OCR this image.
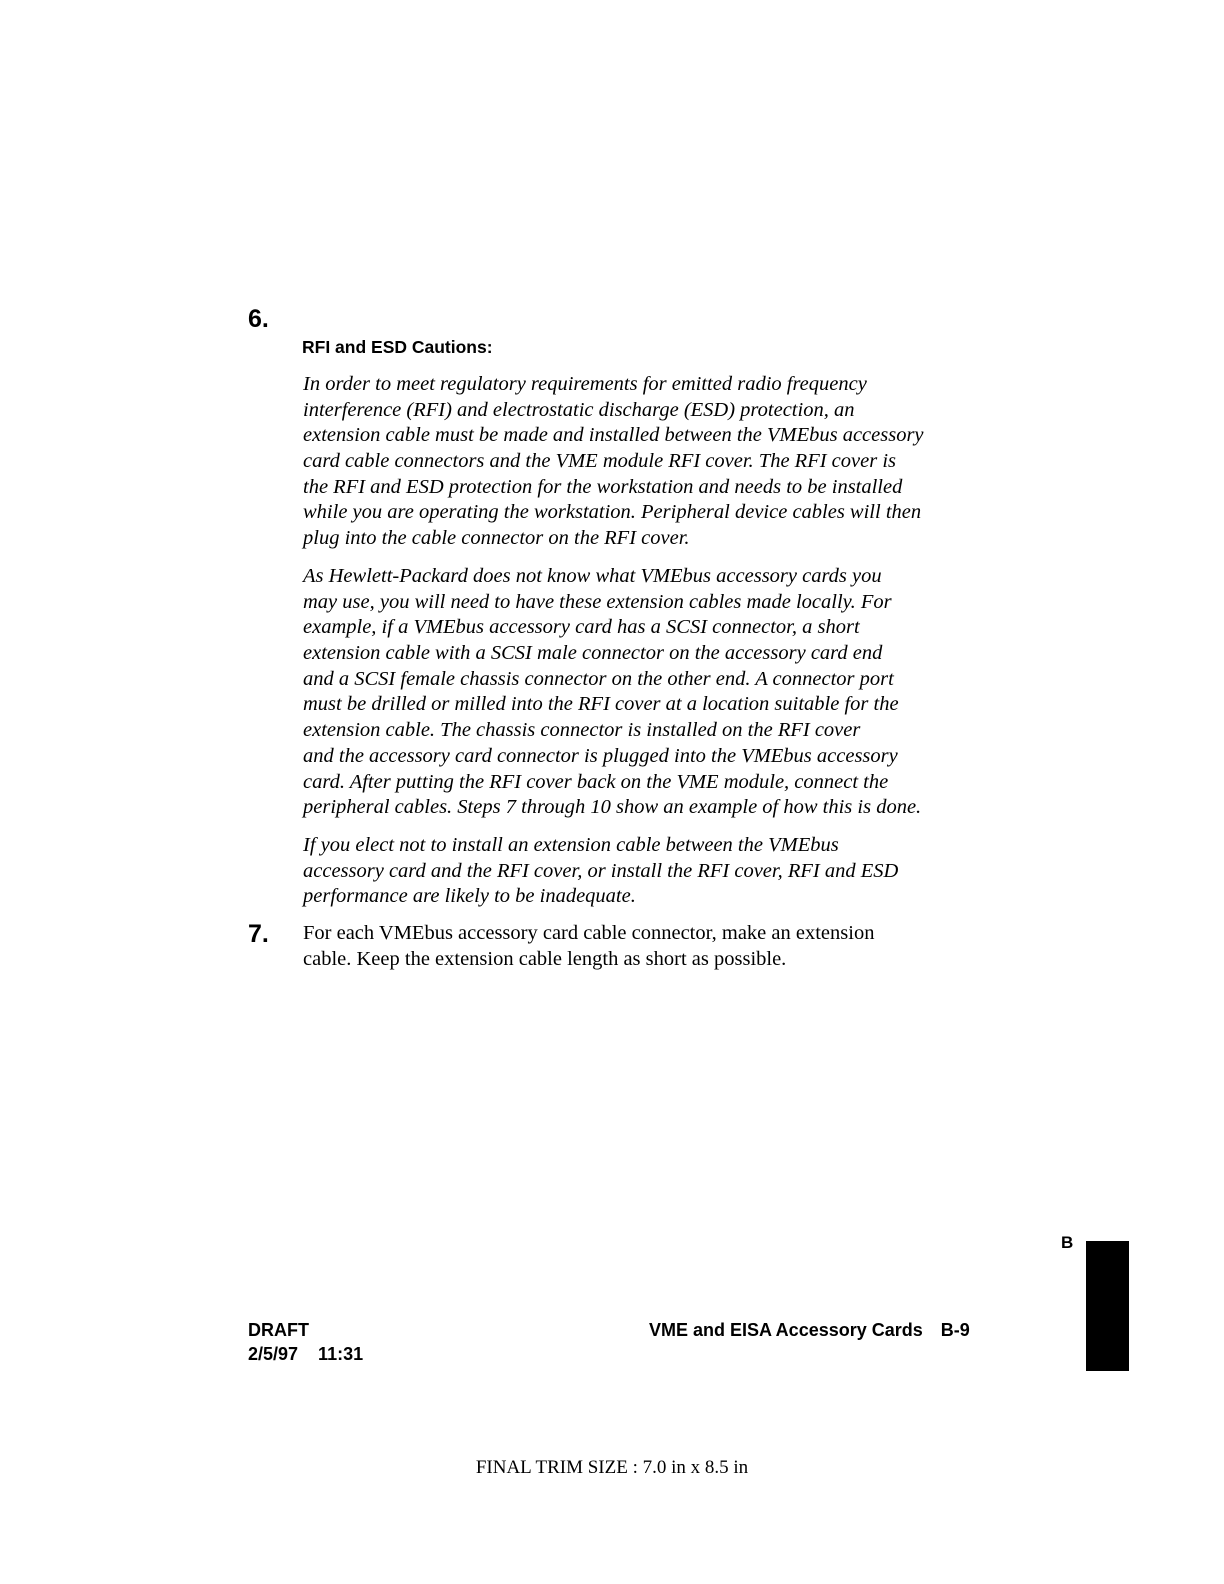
6.
RFI and ESD Cautions:
In order to meet regulatory requirements for emitted radio frequency
interference (RFI) and electrostatic discharge (ESD) protection, an
extension cable must be made and installed between the VMEbus accessory
card cable connectors and the VME module RFI cover. The RFI cover is
the RFI and ESD protection for the workstation and needs to be installed
while you are operating the workstation. Peripheral device cables will then
plug into the cable connector on the RFI cover.
As Hewlett-Packard does not know what VMEbus accessory cards you
may use, you will need to have these extension cables made locally. For
example, if a VMEbus accessory card has a SCSI connector, a short
extension cable with a SCSI male connector on the accessory card end
and a SCSI female chassis connector on the other end. A connector port
must be drilled or milled into the RFI cover at a location suitable for the
extension cable. The chassis connector is installed on the RFI cover
and the accessory card connector is plugged into the VMEbus accessory
card. After putting the RFI cover back on the VME module, connect the
peripheral cables. Steps 7 through 10 show an example of how this is done.
If you elect not to install an extension cable between the VMEbus
accessory card and the RFI cover, or install the RFI cover, RFI and ESD
performance are likely to be inadequate.
7. For each VMEbus accessory card cable connector, make an extension
cable. Keep the extension cable length as short as possible.
B
DRAFT
2/5/97    11:31
VME and EISA Accessory Cards B-9
FINAL TRIM SIZE : 7.0 in x 8.5 in
